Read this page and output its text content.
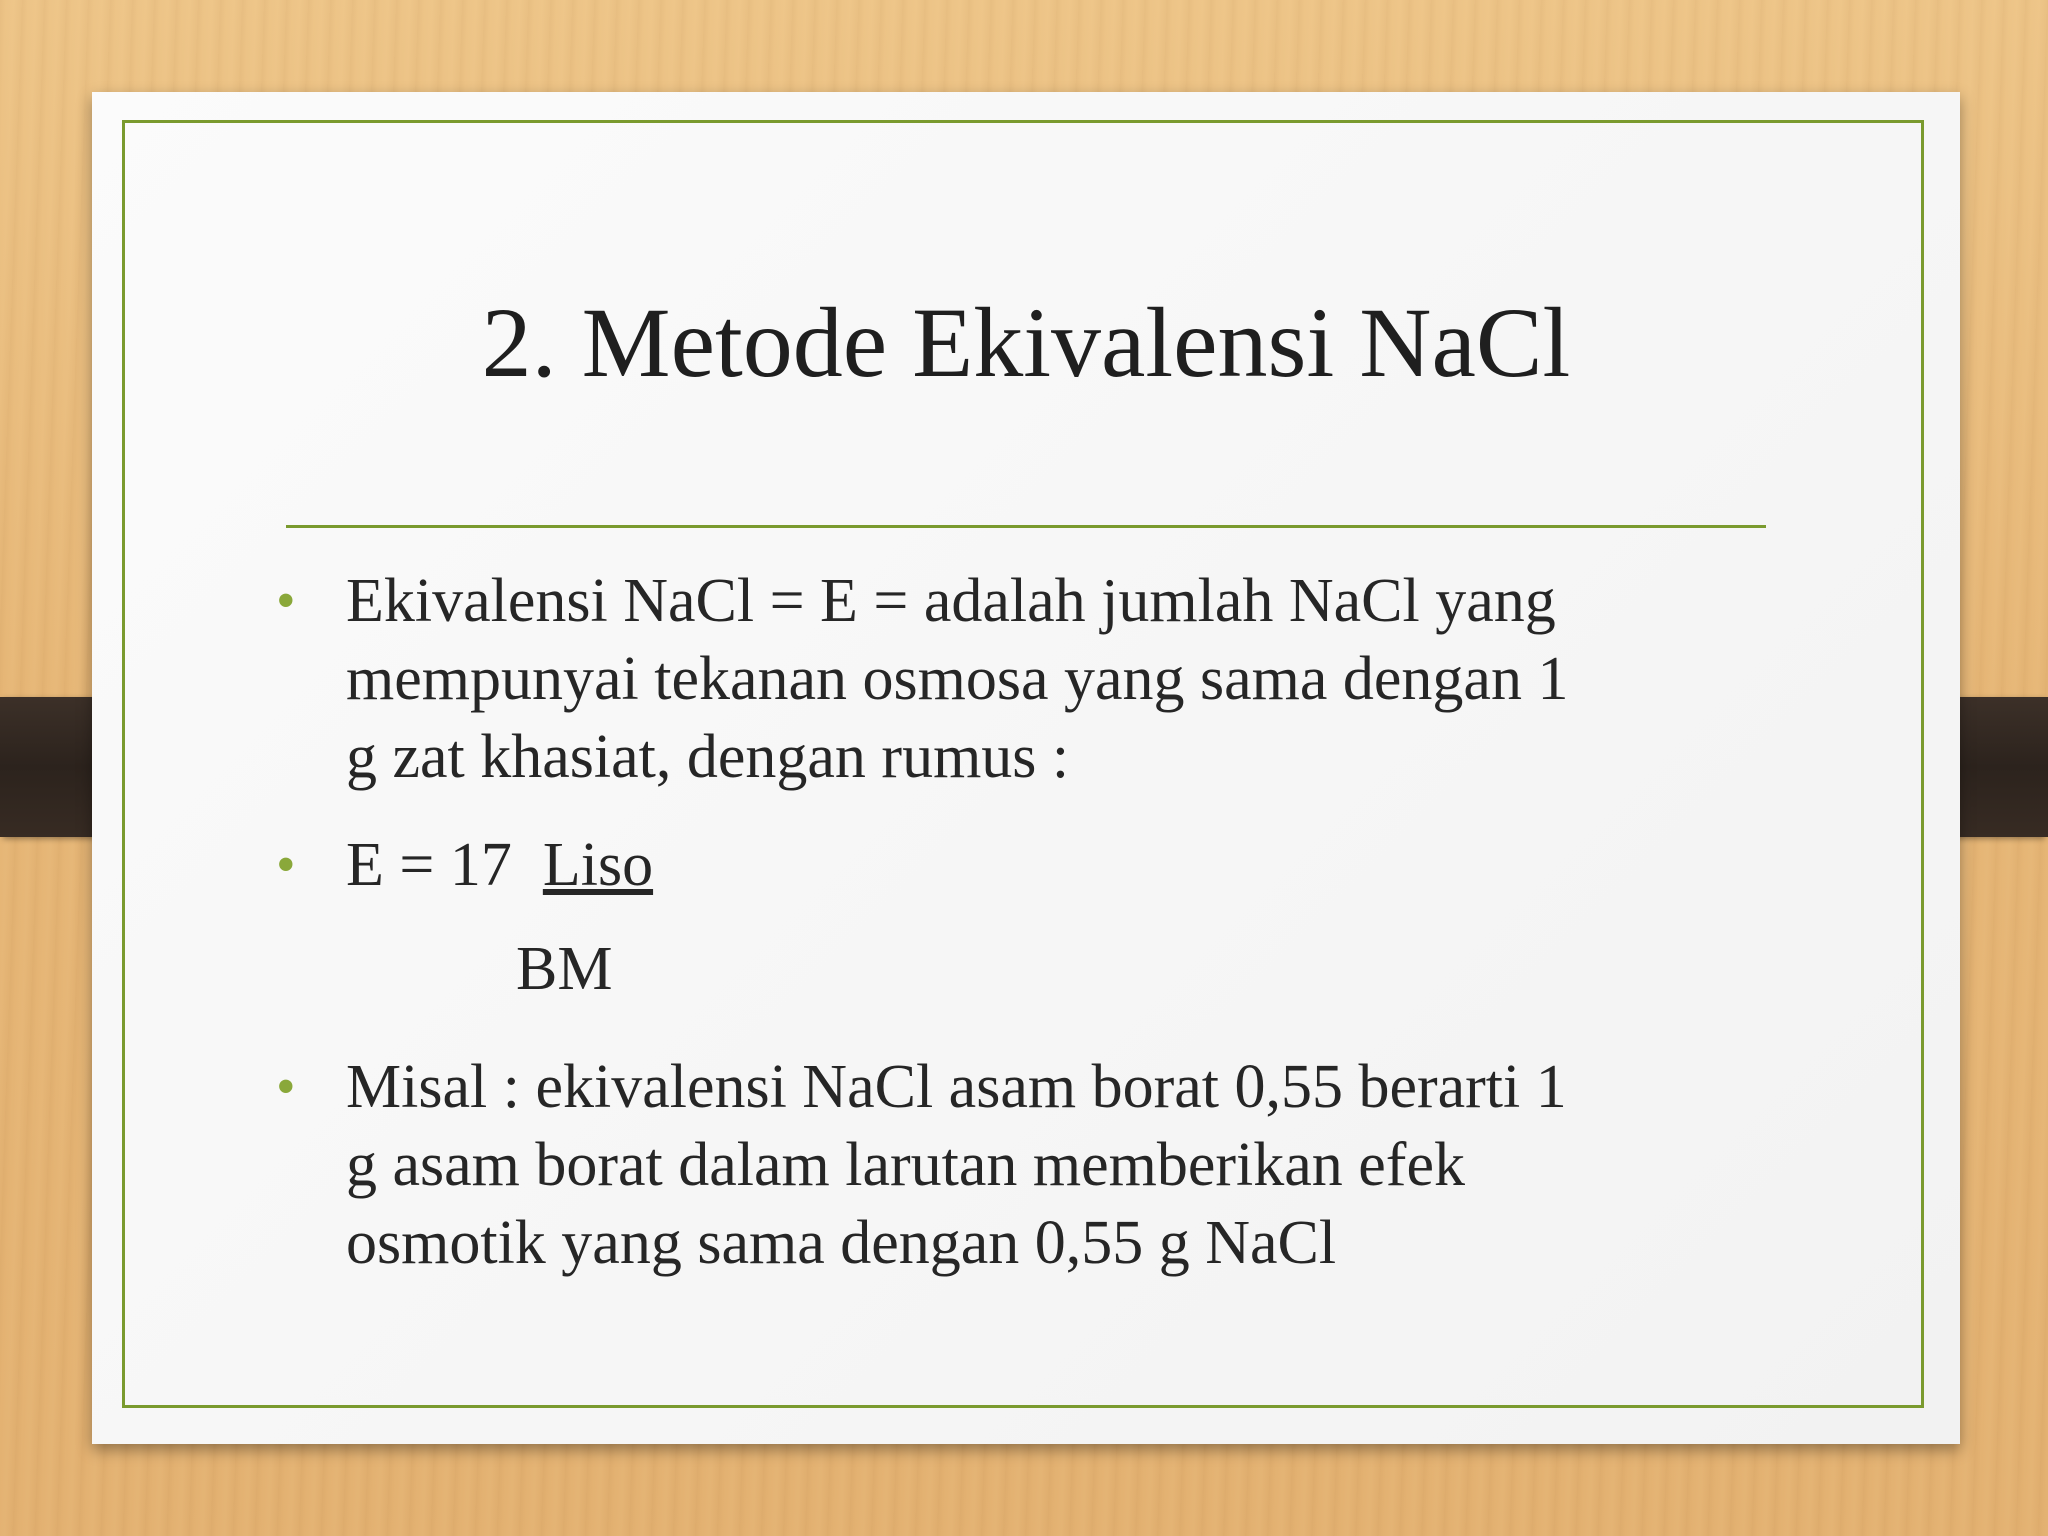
2. Metode Ekivalensi NaCl
• Ekivalensi NaCl = E = adalah jumlah NaCl yang
mempunyai tekanan osmosa yang sama dengan 1
g zat khasiat, dengan rumus :
• E = 17  Liso
BM
• Misal : ekivalensi NaCl asam borat 0,55 berarti 1
g asam borat dalam larutan memberikan efek
osmotik yang sama dengan 0,55 g NaCl
